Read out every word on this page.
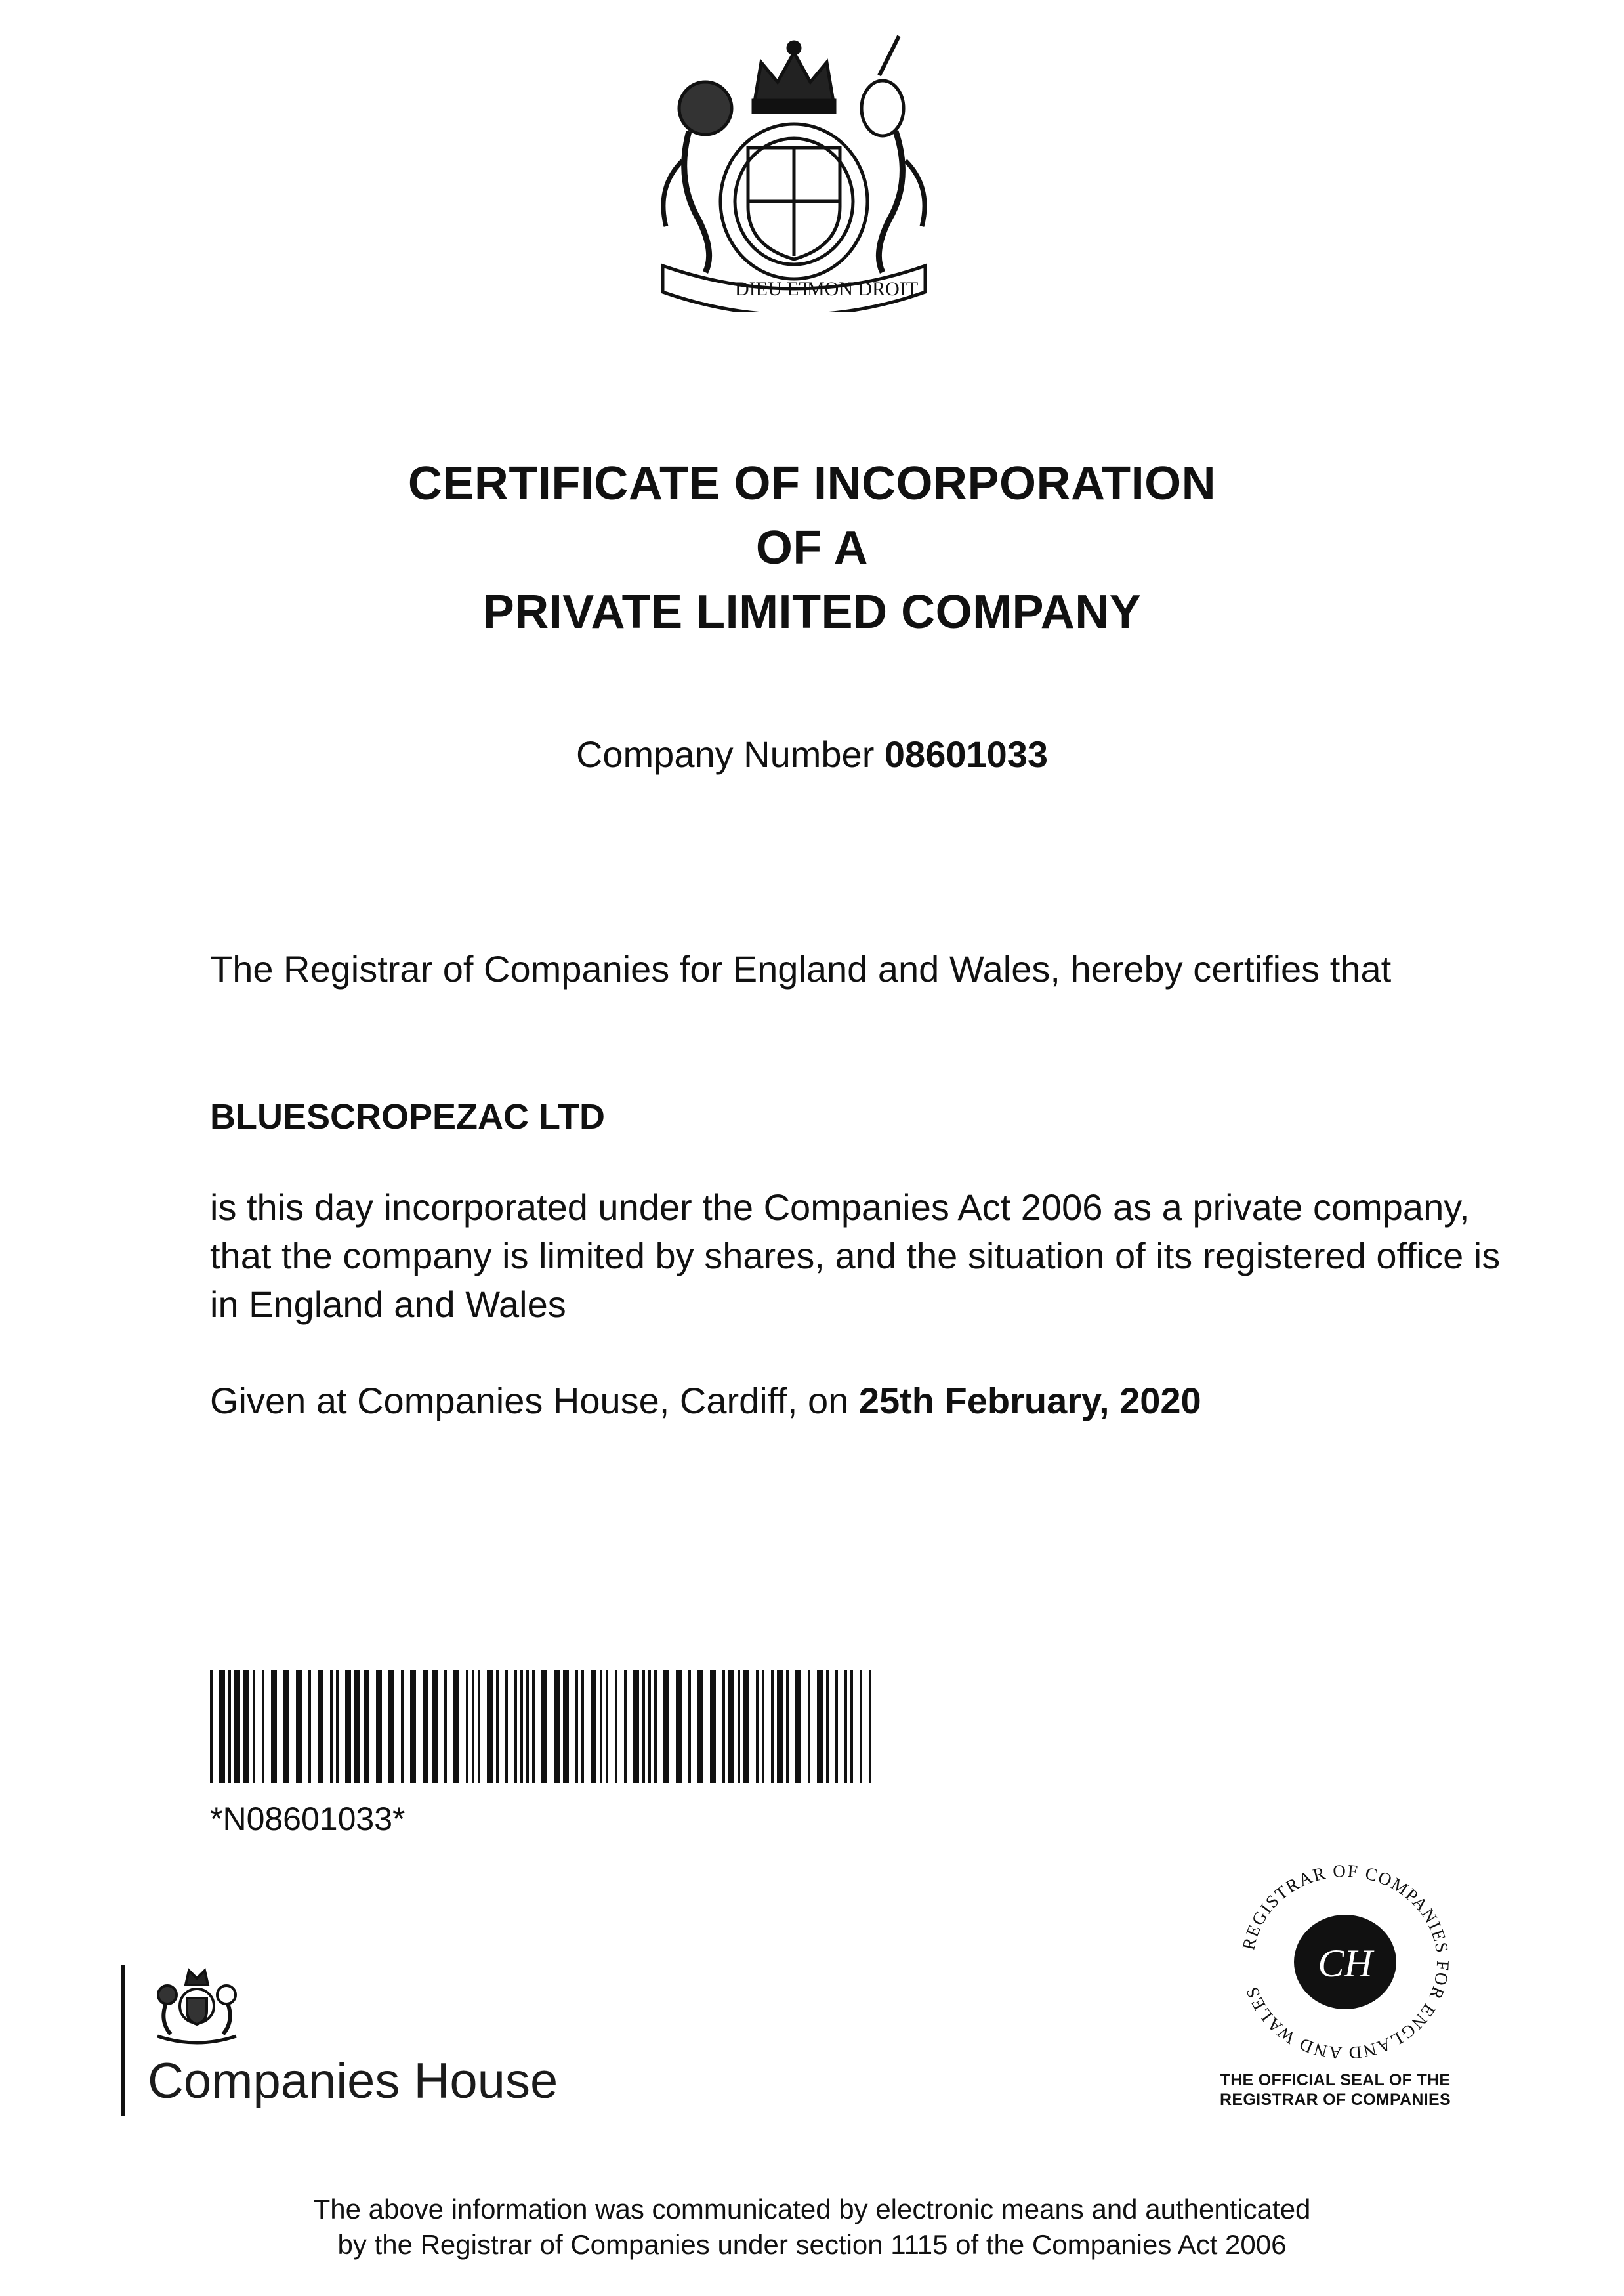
DIEU ET
MON DROIT
CERTIFICATE OF INCORPORATION
OF A
PRIVATE LIMITED COMPANY
Company Number 08601033
The Registrar of Companies for England and Wales, hereby certifies that
BLUESCROPEZAC LTD
is this day incorporated under the Companies Act 2006 as a private company, that the company is limited by shares, and the situation of its registered office is in England and Wales
Given at Companies House, Cardiff, on 25th February, 2020
*N08601033*
Companies House
REGISTRAR OF COMPANIES FOR ENGLAND AND WALES
CH
THE OFFICIAL SEAL OF THE
REGISTRAR OF COMPANIES
The above information was communicated by electronic means and authenticated
by the Registrar of Companies under section 1115 of the Companies Act 2006
